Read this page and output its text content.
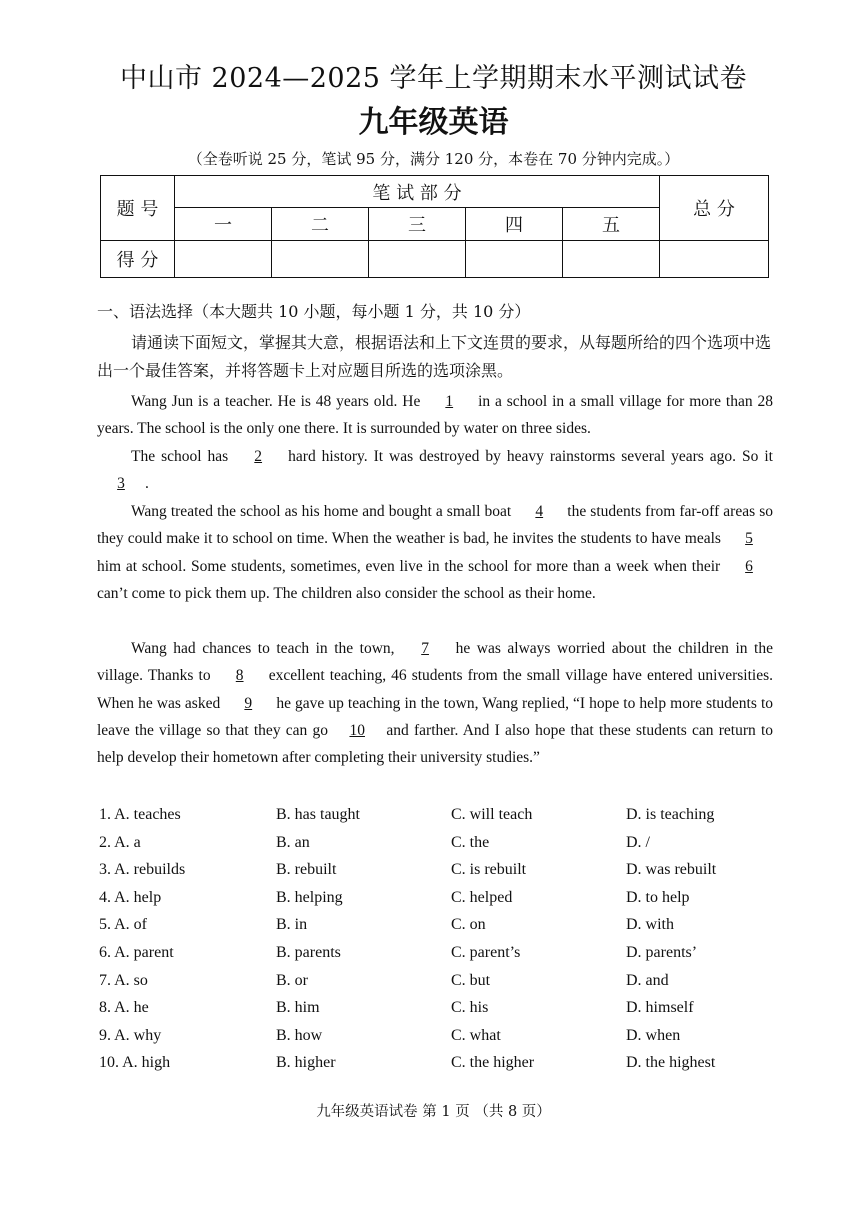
中山市 2024—2025 学年上学期期末水平测试试卷
九年级英语
（全卷听说 25 分，笔试 95 分，满分 120 分，本卷在 70 分钟内完成。）
题 号	笔 试 部 分					总 分
	一	二	三	四	五	
得 分						
一、语法选择（本大题共 10 小题，每小题 1 分，共 10 分）
请通读下面短文，掌握其大意，根据语法和上下文连贯的要求，从每题所给的四个选项中选出一个最佳答案，并将答题卡上对应题目所选的选项涂黑。
Wang Jun is a teacher. He is 48 years old. He 1 in a school in a small village for more than 28 years. The school is the only one there. It is surrounded by water on three sides.
The school has 2 hard history. It was destroyed by heavy rainstorms several years ago. So it 3 .
Wang treated the school as his home and bought a small boat 4 the students from far-off areas so they could make it to school on time. When the weather is bad, he invites the students to have meals 5 him at school. Some students, sometimes, even live in the school for more than a week when their 6 can’t come to pick them up. The children also consider the school as their home.
Wang had chances to teach in the town, 7 he was always worried about the children in the village. Thanks to 8 excellent teaching, 46 students from the small village have entered universities. When he was asked 9 he gave up teaching in the town, Wang replied, “I hope to help more students to leave the village so that they can go 10 and farther. And I also hope that these students can return to help develop their hometown after completing their university studies.”
1. A. teaches	B. has taught	C. will teach	D. is teaching
2. A. a	B. an	C. the	D. /
3. A. rebuilds	B. rebuilt	C. is rebuilt	D. was rebuilt
4. A. help	B. helping	C. helped	D. to help
5. A. of	B. in	C. on	D. with
6. A. parent	B. parents	C. parent’s	D. parents’
7. A. so	B. or	C. but	D. and
8. A. he	B. him	C. his	D. himself
9. A. why	B. how	C. what	D. when
10. A. high	B. higher	C. the higher	D. the highest
九年级英语试卷 第 1 页 （共 8 页）
